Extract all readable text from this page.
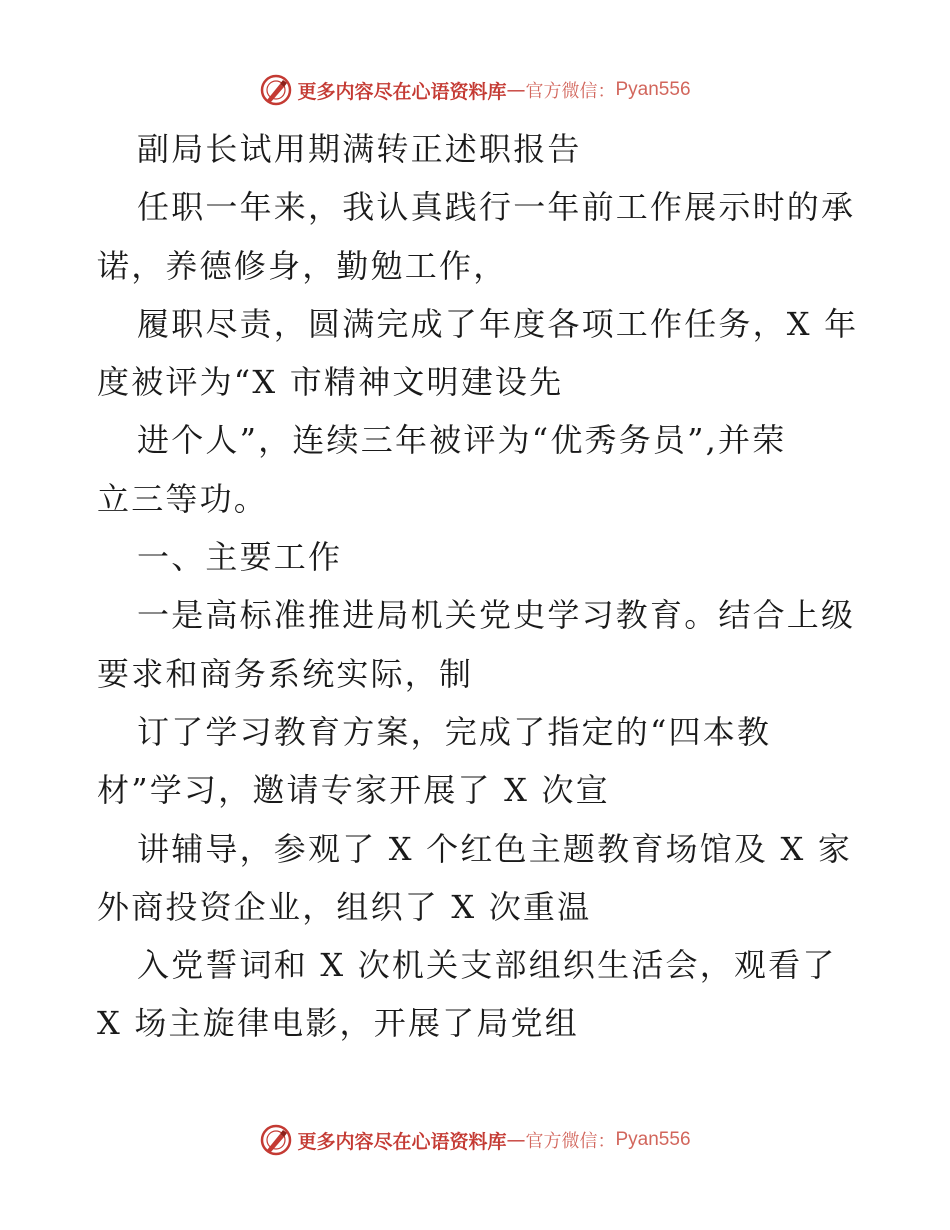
更多内容尽在心语资料库 — 官方微信： Pyan556
副局长试用期满转正述职报告
任职一年来，我认真践行一年前工作展示时的承
诺，养德修身，勤勉工作，
履职尽责，圆满完成了年度各项工作任务，X 年
度被评为“X 市精神文明建设先
进个人”，连续三年被评为“优秀务员”,并荣
立三等功。
一、主要工作
一是高标准推进局机关党史学习教育。结合上级
要求和商务系统实际，制
订了学习教育方案，完成了指定的“四本教
材”学习，邀请专家开展了 X 次宣
讲辅导，参观了 X 个红色主题教育场馆及 X 家
外商投资企业，组织了 X 次重温
入党誓词和 X 次机关支部组织生活会，观看了
X 场主旋律电影，开展了局党组
更多内容尽在心语资料库 — 官方微信： Pyan556
